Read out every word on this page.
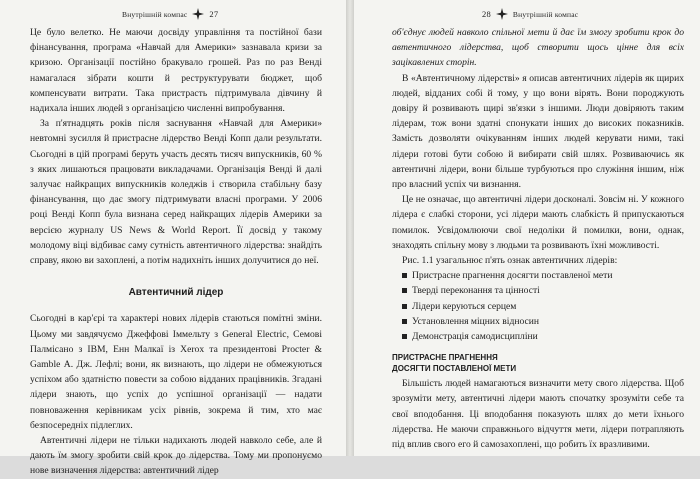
Внутрішній компас	27

Це було велетко. Не маючи досвіду управління та постійної бази фінансування, програма «Навчай для Америки» зазнавала кризи за кризою. Організації постійно бракувало грошей. Раз по раз Венді намагалася зібрати кошти й реструктурувати бюджет, щоб компенсувати витрати. Така пристрасть підтримувала дівчину й надихала інших людей з організацією численні випробування.

За п'ятнадцять років після заснування «Навчай для Америки» невтомні зусилля й пристрасне лідерство Венді Копп дали результати. Сьогодні в цій програмі беруть участь десять тисяч випускників, 60 % з яких лишаються працювати викладачами. Організація Венді й далі залучає найкращих випускників коледжів і створила стабільну базу фінансування, що дає змогу підтримувати власні програми. У 2006 році Венді Копп була визнана серед найкращих лідерів Америки за версією журналу US News & World Report. Її досвід у такому молодому віці відбиває саму сутність автентичного лідерства: знайдіть справу, якою ви захоплені, а потім надихніть інших долучитися до неї.

Автентичний лідер

Сьогодні в кар'єрі та характері нових лідерів стаються помітні зміни. Цьому ми завдячуємо Джеффові Іммельту з General Electric, Семові Палмісано з IBM, Енн Малкаї із Xerox та президентові Procter & Gamble А. Дж. Лефлі; вони, як визнають, що лідери не обмежуються успіхом або здатністю повести за собою відданих працівників. Згадані лідери знають, що успіх до успішної організації — надати повноваження керівникам усіх рівнів, зокрема й тим, хто має безпосередніх підлеглих.

Автентичні лідери не тільки надихають людей навколо себе, але й дають їм змогу зробити свій крок до лідерства. Тому ми пропонуємо нове визначення лідерства: автентичний лідер

28	Внутрішній компас

об'єднує людей навколо спільної мети й дає їм змогу зробити крок до автентичного лідерства, щоб створити щось цінне для всіх зацікавлених сторін.

В «Автентичному лідерстві» я описав автентичних лідерів як щирих людей, відданих собі й тому, у що вони вірять. Вони породжують довіру й розвивають щирі зв'язки з іншими. Люди довіряють таким лідерам, тож вони здатні спонукати інших до високих показників. Замість дозволяти очікуванням інших людей керувати ними, такі лідери готові бути собою й вибирати свій шлях. Розвиваючись як автентичні лідери, вони більше турбуються про служіння іншим, ніж про власний успіх чи визнання.

Це не означає, що автентичні лідери досконалі. Зовсім ні. У кожного лідера є слабкі сторони, усі лідери мають слабкість й припускаються помилок. Усвідомлюючи свої недоліки й помилки, вони, однак, знаходять спільну мову з людьми та розвивають їхні можливості.

Рис. 1.1 узагальнює п'ять ознак автентичних лідерів:

Пристрасне прагнення досягти поставленої мети
Тверді переконання та цінності
Лідери керуються серцем
Установлення міцних відносин
Демонстрація самодисципліни
ПРИСТРАСНЕ ПРАГНЕННЯ
ДОСЯГТИ ПОСТАВЛЕНОЇ МЕТИ

Більшість людей намагаються визначити мету свого лідерства. Щоб зрозуміти мету, автентичні лідери мають спочатку зрозуміти себе та свої вподобання. Ці вподобання показують шлях до мети їхнього лідерства. Не маючи справжнього відчуття мети, лідери потрапляють під вплив свого его й самозахоплені, що робить їх вразливими.
